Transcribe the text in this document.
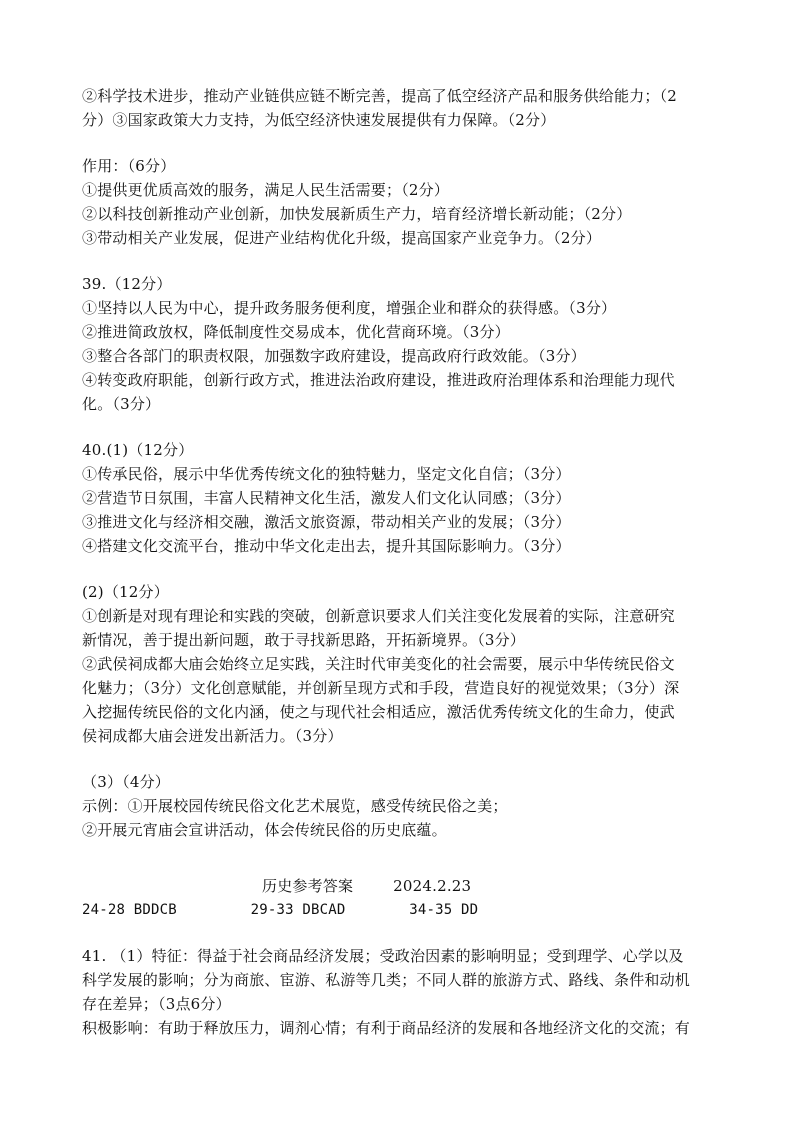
②科学技术进步，推动产业链供应链不断完善，提高了低空经济产品和服务供给能力；（2
分）③国家政策大力支持，为低空经济快速发展提供有力保障。（2分）
作用：（6分）
①提供更优质高效的服务，满足人民生活需要；（2分）
②以科技创新推动产业创新，加快发展新质生产力，培育经济增长新动能；（2分）
③带动相关产业发展，促进产业结构优化升级，提高国家产业竞争力。（2分）
39.（12分）
①坚持以人民为中心，提升政务服务便利度，增强企业和群众的获得感。（3分）
②推进简政放权，降低制度性交易成本，优化营商环境。（3分）
③整合各部门的职责权限，加强数字政府建设，提高政府行政效能。（3分）
④转变政府职能，创新行政方式，推进法治政府建设，推进政府治理体系和治理能力现代
化。（3分）
40.(1)（12分）
①传承民俗，展示中华优秀传统文化的独特魅力，坚定文化自信；（3分）
②营造节日氛围，丰富人民精神文化生活，激发人们文化认同感；（3分）
③推进文化与经济相交融，激活文旅资源，带动相关产业的发展；（3分）
④搭建文化交流平台，推动中华文化走出去，提升其国际影响力。（3分）
(2)（12分）
①创新是对现有理论和实践的突破，创新意识要求人们关注变化发展着的实际，注意研究
新情况，善于提出新问题，敢于寻找新思路，开拓新境界。（3分）
②武侯祠成都大庙会始终立足实践，关注时代审美变化的社会需要，展示中华传统民俗文
化魅力；（3分）文化创意赋能，并创新呈现方式和手段，营造良好的视觉效果；（3分）深
入挖掘传统民俗的文化内涵，使之与现代社会相适应，激活优秀传统文化的生命力，使武
侯祠成都大庙会迸发出新活力。（3分）
（3）（4分）
示例：①开展校园传统民俗文化艺术展览，感受传统民俗之美；
②开展元宵庙会宣讲活动，体会传统民俗的历史底蕴。
历史参考答案	2024.2.23
24-28 BDDCB	29-33 DBCAD	34-35 DD
41. （1）特征：得益于社会商品经济发展；受政治因素的影响明显；受到理学、心学以及
科学发展的影响；分为商旅、宦游、私游等几类；不同人群的旅游方式、路线、条件和动机
存在差异；（3点6分）
积极影响：有助于释放压力，调剂心情；有利于商品经济的发展和各地经济文化的交流；有
